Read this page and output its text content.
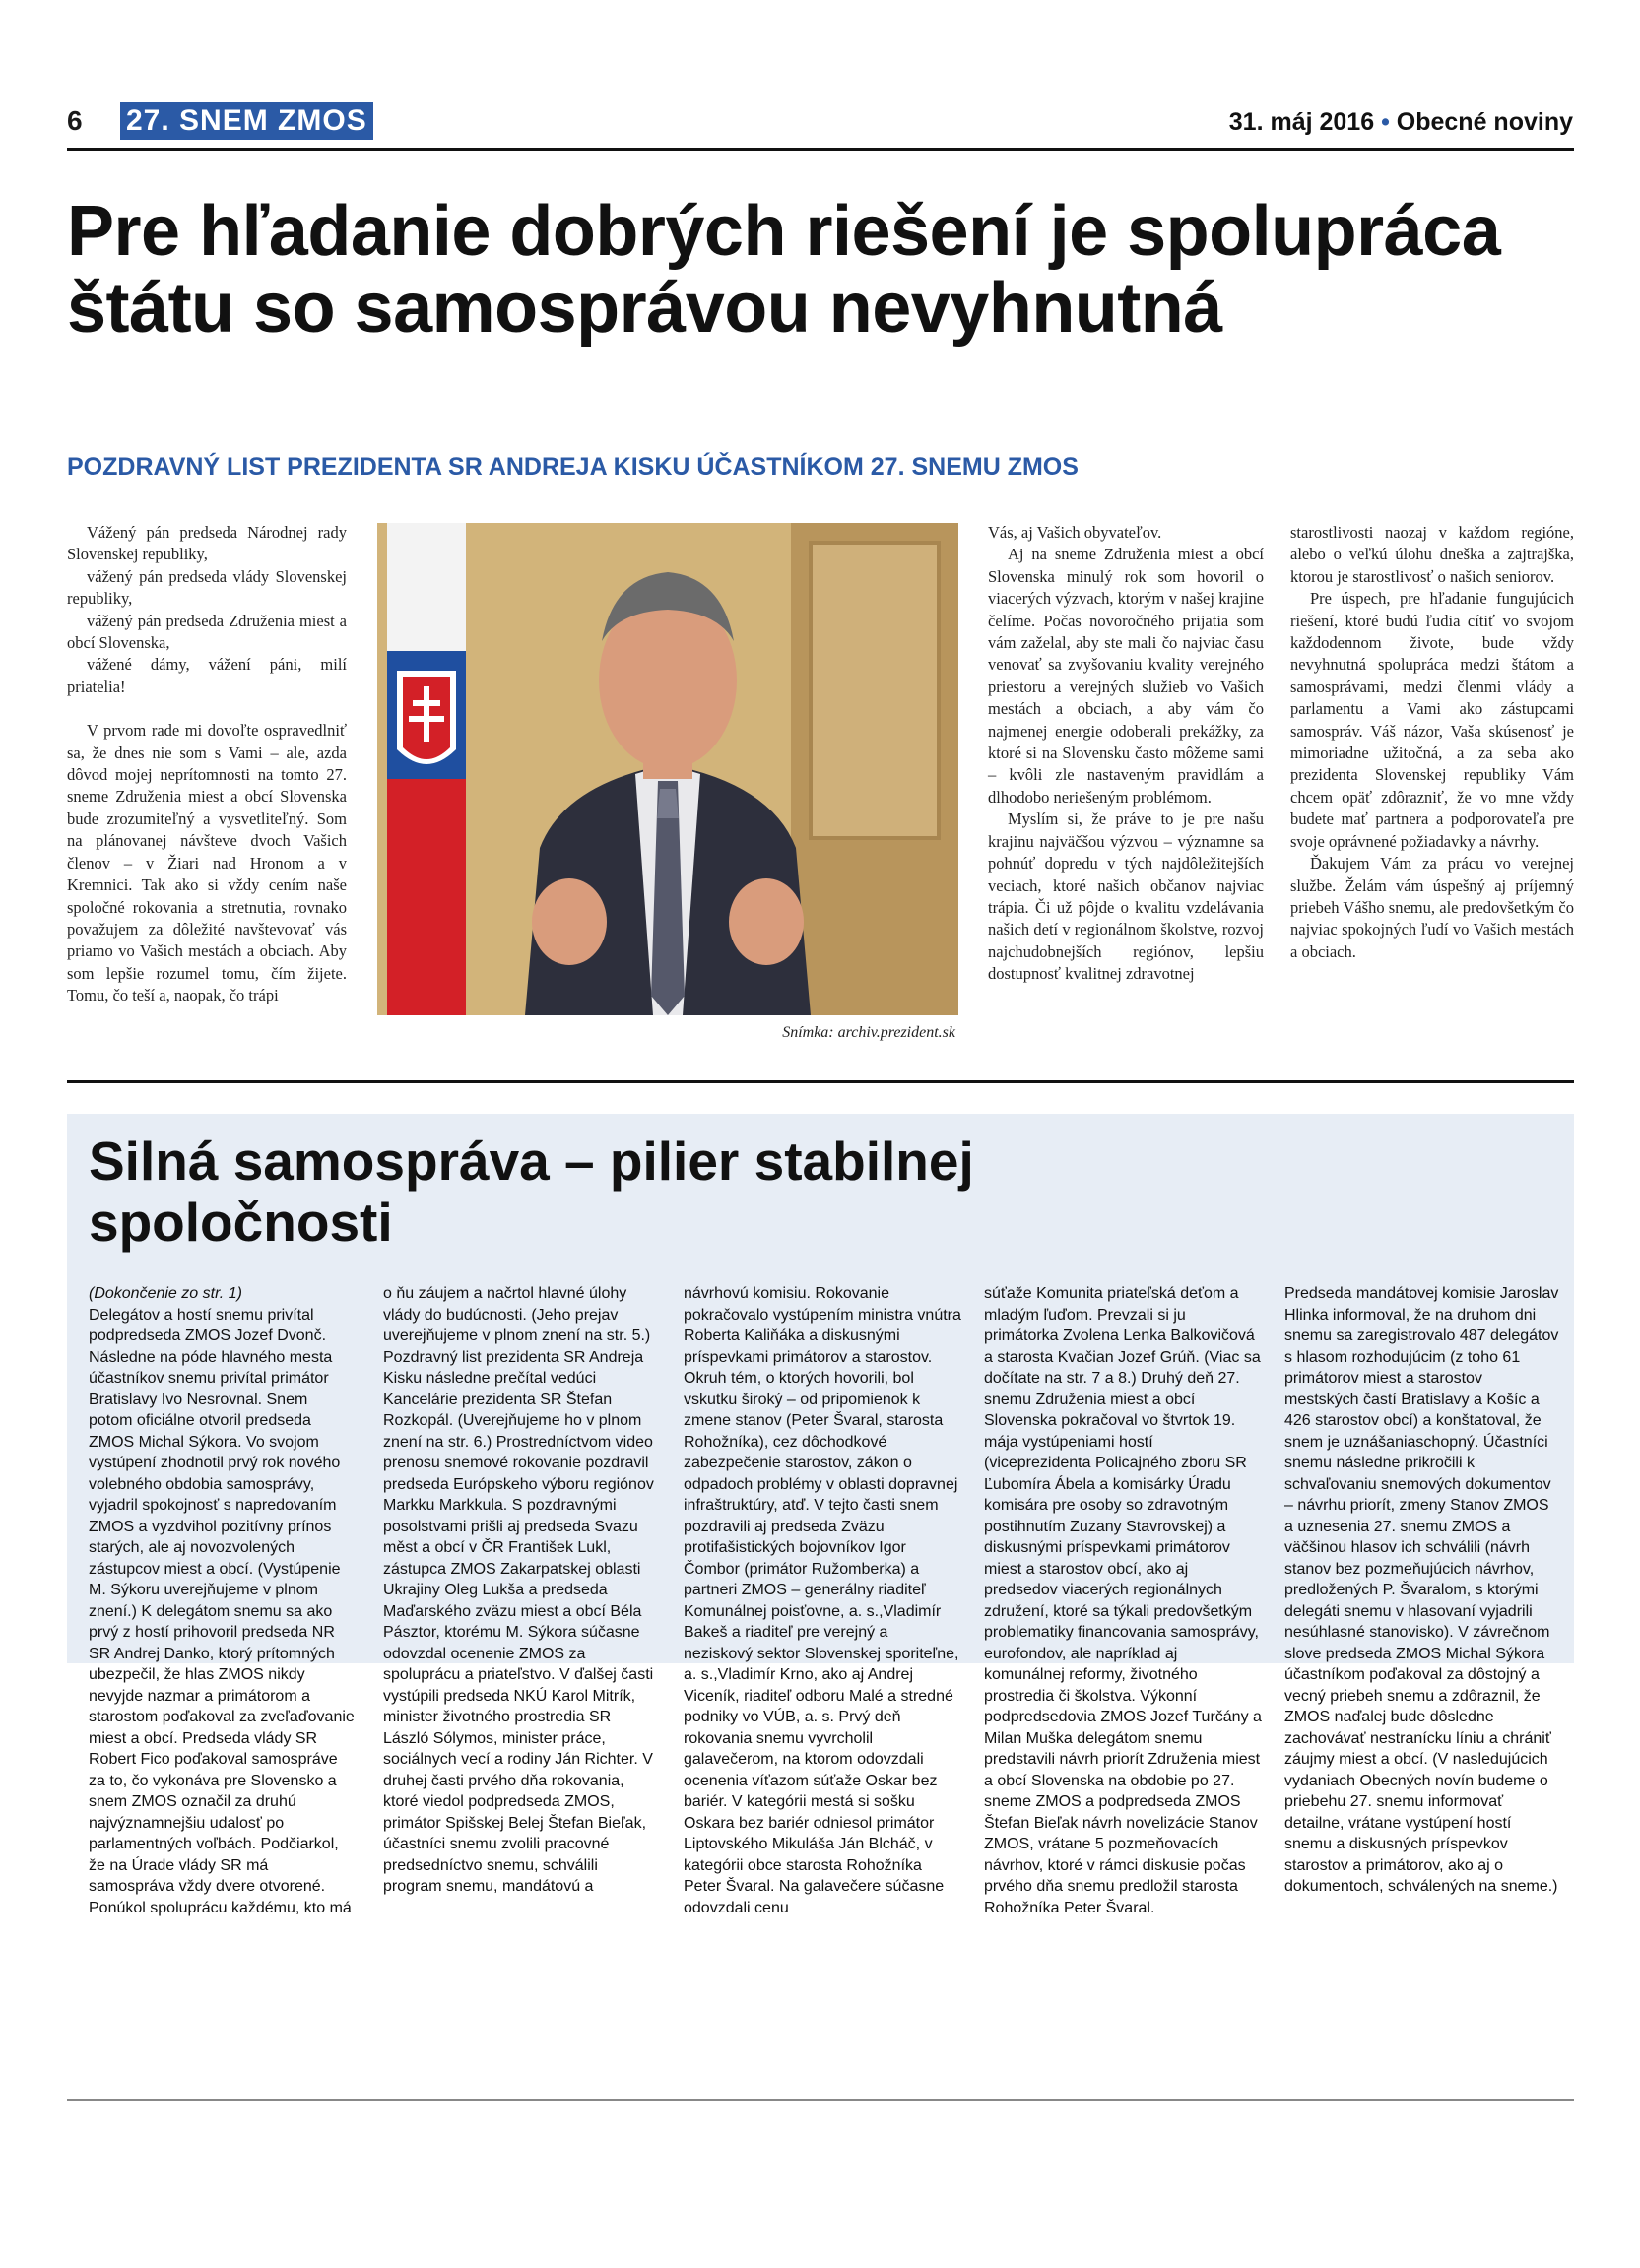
6 27. SNEM ZMOS	31. máj 2016 • Obecné noviny
Pre hľadanie dobrých riešení je spolupráca štátu so samosprávou nevyhnutná
POZDRAVNÝ LIST PREZIDENTA SR ANDREJA KISKU ÚČASTNÍKOM 27. SNEMU ZMOS

Vážený pán predseda Národnej rady Slovenskej republiky,

vážený pán predseda vlády Slovenskej republiky,

vážený pán predseda Združenia miest a obcí Slovenska,

vážené dámy, vážení páni, milí priatelia!

V prvom rade mi dovoľte ospravedlniť sa, že dnes nie som s Vami – ale, azda dôvod mojej neprítomnosti na tomto 27. sneme Združenia miest a obcí Slovenska bude zrozumiteľný a vysvetliteľný. Som na plánovanej návšteve dvoch Vašich členov – v Žiari nad Hronom a v Kremnici. Tak ako si vždy cením naše spoločné rokovania a stretnutia, rovnako považujem za dôležité navštevovať vás priamo vo Vašich mestách a obciach. Aby som lepšie rozumel tomu, čím žijete. Tomu, čo teší a, naopak, čo trápi

Snímka: archiv.prezident.sk

Vás, aj Vašich obyvateľov.

Aj na sneme Združenia miest a obcí Slovenska minulý rok som hovoril o viacerých výzvach, ktorým v našej krajine čelíme. Počas novoročného prijatia som vám zaželal, aby ste mali čo najviac času venovať sa zvyšovaniu kvality verejného priestoru a verejných služieb vo Vašich mestách a obciach, a aby vám čo najmenej energie odoberali prekážky, za ktoré si na Slovensku často môžeme sami – kvôli zle nastaveným pravidlám a dlhodobo neriešeným problémom.

Myslím si, že práve to je pre našu krajinu najväčšou výzvou – významne sa pohnúť dopredu v tých najdôležitejších veciach, ktoré našich občanov najviac trápia. Či už pôjde o kvalitu vzdelávania našich detí v regionálnom školstve, rozvoj najchudobnejších regiónov, lepšiu dostupnosť kvalitnej zdravotnej

starostlivosti naozaj v každom regióne, alebo o veľkú úlohu dneška a zajtrajška, ktorou je starostlivosť o našich seniorov.

Pre úspech, pre hľadanie fungujúcich riešení, ktoré budú ľudia cítiť vo svojom každodennom živote, bude vždy nevyhnutná spolupráca medzi štátom a samosprávami, medzi členmi vlády a parlamentu a Vami ako zástupcami samospráv. Váš názor, Vaša skúsenosť je mimoriadne užitočná, a za seba ako prezidenta Slovenskej republiky Vám chcem opäť zdôrazniť, že vo mne vždy budete mať partnera a podporovateľa pre svoje oprávnené požiadavky a návrhy.

Ďakujem Vám za prácu vo verejnej službe. Želám vám úspešný aj príjemný priebeh Vášho snemu, ale predovšetkým čo najviac spokojných ľudí vo Vašich mestách a obciach.

Silná samospráva – pilier stabilnej spoločnosti

(Dokončenie zo str. 1)

Delegátov a hostí snemu privítal podpredseda ZMOS Jozef Dvonč. Následne na póde hlavného mesta účastníkov snemu privítal primátor Bratislavy Ivo Nesrovnal. Snem potom oficiálne otvoril predseda ZMOS Michal Sýkora. Vo svojom vystúpení zhodnotil prvý rok nového volebného obdobia samosprávy, vyjadril spokojnosť s napredovaním ZMOS a vyzdvihol pozitívny prínos starých, ale aj novozvolených zástupcov miest a obcí. (Vystúpenie M. Sýkoru uverejňujeme v plnom znení.) K delegátom snemu sa ako prvý z hostí prihovoril predseda NR SR Andrej Danko, ktorý prítomných ubezpečil, že hlas ZMOS nikdy nevyjde nazmar a primátorom a starostom poďakoval za zveľaďovanie miest a obcí. Predseda vlády SR Robert Fico poďakoval samospráve za to, čo vykonáva pre Slovensko a snem ZMOS označil za druhú najvýznamnejšiu udalosť po parlamentných voľbách. Podčiarkol, že na Úrade vlády SR má samospráva vždy dvere otvorené. Ponúkol spoluprácu každému, kto má

o ňu záujem a načrtol hlavné úlohy vlády do budúcnosti. (Jeho prejav uverejňujeme v plnom znení na str. 5.) Pozdravný list prezidenta SR Andreja Kisku následne prečítal vedúci Kancelárie prezidenta SR Štefan Rozkopál. (Uverejňujeme ho v plnom znení na str. 6.) Prostredníctvom video prenosu snemové rokovanie pozdravil predseda Európskeho výboru regiónov Markku Markkula. S pozdravnými posolstvami prišli aj predseda Svazu měst a obcí v ČR František Lukl, zástupca ZMOS Zakarpatskej oblasti Ukrajiny Oleg Lukša a predseda Maďarského zväzu miest a obcí Béla Pásztor, ktorému M. Sýkora súčasne odovzdal ocenenie ZMOS za spoluprácu a priateľstvo. V ďalšej časti vystúpili predseda NKÚ Karol Mitrík, minister životného prostredia SR László Sólymos, minister práce, sociálnych vecí a rodiny Ján Richter. V druhej časti prvého dňa rokovania, ktoré viedol podpredseda ZMOS, primátor Spišskej Belej Štefan Bieľak, účastníci snemu zvolili pracovné predsedníctvo snemu, schválili program snemu, mandátovú a

návrhovú komisiu. Rokovanie pokračovalo vystúpením ministra vnútra Roberta Kaliňáka a diskusnými príspevkami primátorov a starostov. Okruh tém, o ktorých hovorili, bol vskutku široký – od pripomienok k zmene stanov (Peter Švaral, starosta Rohožníka), cez dôchodkové zabezpečenie starostov, zákon o odpadoch problémy v oblasti dopravnej infraštruktúry, atď. V tejto časti snem pozdravili aj predseda Zväzu protifašistických bojovníkov Igor Čombor (primátor Ružomberka) a partneri ZMOS – generálny riaditeľ Komunálnej poisťovne, a. s.,Vladimír Bakeš a riaditeľ pre verejný a neziskový sektor Slovenskej sporiteľne, a. s.,Vladimír Krno, ako aj Andrej Viceník, riaditeľ odboru Malé a stredné podniky vo VÚB, a. s. Prvý deň rokovania snemu vyvrcholil galavečerom, na ktorom odovzdali ocenenia víťazom súťaže Oskar bez bariér. V kategórii mestá si sošku Oskara bez bariér odniesol primátor Liptovského Mikuláša Ján Blcháč, v kategórii obce starosta Rohožníka Peter Švaral. Na galavečere súčasne odovzdali cenu

súťaže Komunita priateľská deťom a mladým ľuďom. Prevzali si ju primátorka Zvolena Lenka Balkovičová a starosta Kvačian Jozef Grúň. (Viac sa dočítate na str. 7 a 8.) Druhý deň 27. snemu Združenia miest a obcí Slovenska pokračoval vo štvrtok 19. mája vystúpeniami hostí (viceprezidenta Policajného zboru SR Ľubomíra Ábela a komisárky Úradu komisára pre osoby so zdravotným postihnutím Zuzany Stavrovskej) a diskusnými príspevkami primátorov miest a starostov obcí, ako aj predsedov viacerých regionálnych združení, ktoré sa týkali predovšetkým problematiky financovania samosprávy, eurofondov, ale napríklad aj komunálnej reformy, životného prostredia či školstva. Výkonní podpredsedovia ZMOS Jozef Turčány a Milan Muška delegátom snemu predstavili návrh priorít Združenia miest a obcí Slovenska na obdobie po 27. sneme ZMOS a podpredseda ZMOS Štefan Bieľak návrh novelizácie Stanov ZMOS, vrátane 5 pozmeňovacích návrhov, ktoré v rámci diskusie počas prvého dňa snemu predložil starosta Rohožníka Peter Švaral.

Predseda mandátovej komisie Jaroslav Hlinka informoval, že na druhom dni snemu sa zaregistrovalo 487 delegátov s hlasom rozhodujúcim (z toho 61 primátorov miest a starostov mestských častí Bratislavy a Košíc a 426 starostov obcí) a konštatoval, že snem je uznášaniaschopný. Účastníci snemu následne prikročili k schvaľovaniu snemových dokumentov – návrhu priorít, zmeny Stanov ZMOS a uznesenia 27. snemu ZMOS a väčšinou hlasov ich schválili (návrh stanov bez pozmeňujúcich návrhov, predložených P. Švaralom, s ktorými delegáti snemu v hlasovaní vyjadrili nesúhlasné stanovisko). V závrečnom slove predseda ZMOS Michal Sýkora účastníkom poďakoval za dôstojný a vecný priebeh snemu a zdôraznil, že ZMOS naďalej bude dôsledne zachovávať nestranícku líniu a chrániť záujmy miest a obcí. (V nasledujúcich vydaniach Obecných novín budeme o priebehu 27. snemu informovať detailne, vrátane vystúpení hostí snemu a diskusných príspevkov starostov a primátorov, ako aj o dokumentoch, schválených na sneme.)
